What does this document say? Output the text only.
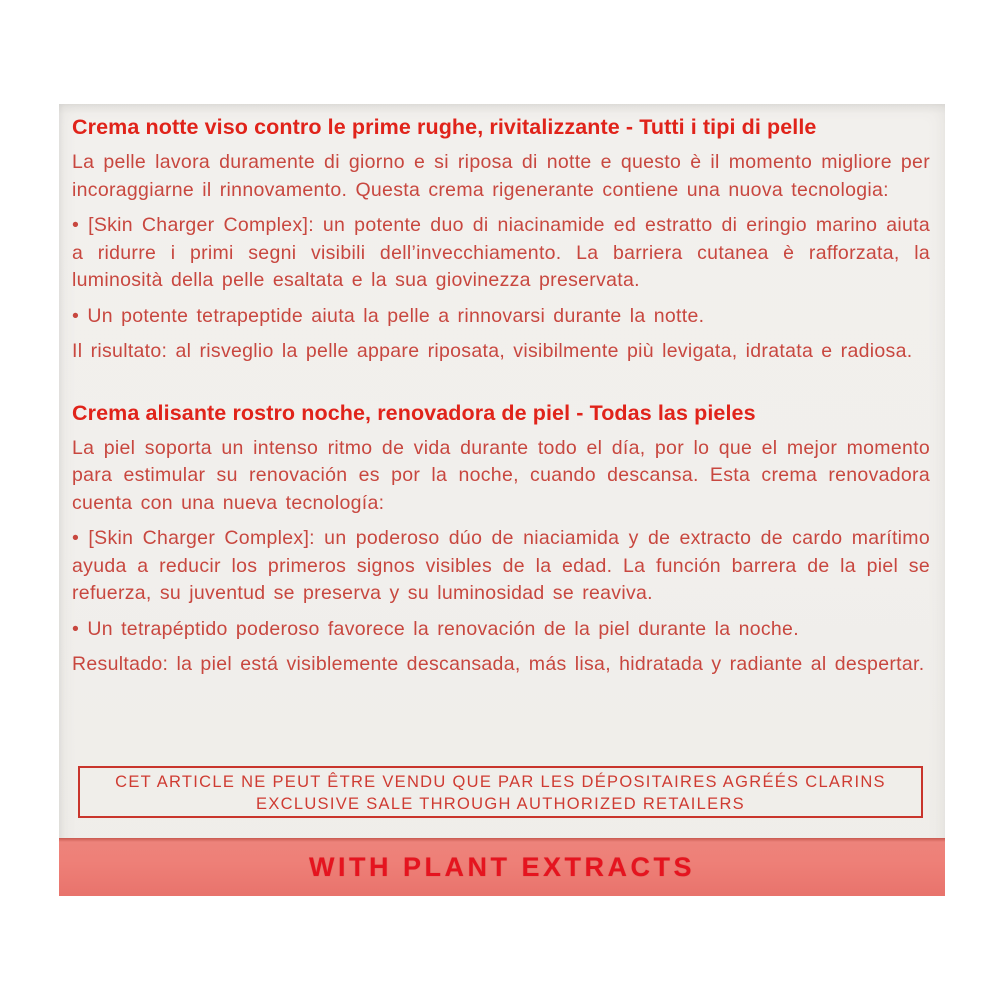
Crema notte viso contro le prime rughe, rivitalizzante - Tutti i tipi di pelle

La pelle lavora duramente di giorno e si riposa di notte e questo è il momento migliore per incoraggiarne il rinnovamento. Questa crema rigenerante contiene una nuova tecnologia:

• [Skin Charger Complex]: un potente duo di niacinamide ed estratto di eringio marino aiuta a ridurre i primi segni visibili dell’invecchiamento. La barriera cutanea è rafforzata, la luminosità della pelle esaltata e la sua giovinezza preservata.

• Un potente tetrapeptide aiuta la pelle a rinnovarsi durante la notte.

Il risultato: al risveglio la pelle appare riposata, visibilmente più levigata, idratata e radiosa.

Crema alisante rostro noche, renovadora de piel - Todas las pieles

La piel soporta un intenso ritmo de vida durante todo el día, por lo que el mejor momento para estimular su renovación es por la noche, cuando descansa. Esta crema renovadora cuenta con una nueva tecnología:

• [Skin Charger Complex]: un poderoso dúo de niaciamida y de extracto de cardo marítimo ayuda a reducir los primeros signos visibles de la edad. La función barrera de la piel se refuerza, su juventud se preserva y su luminosidad se reaviva.

• Un tetrapéptido poderoso favorece la renovación de la piel durante la noche.

Resultado: la piel está visiblemente descansada, más lisa, hidratada y radiante al despertar.

CET ARTICLE NE PEUT ÊTRE VENDU QUE PAR LES DÉPOSITAIRES AGRÉÉS CLARINS
EXCLUSIVE SALE THROUGH AUTHORIZED RETAILERS
WITH PLANT EXTRACTS
